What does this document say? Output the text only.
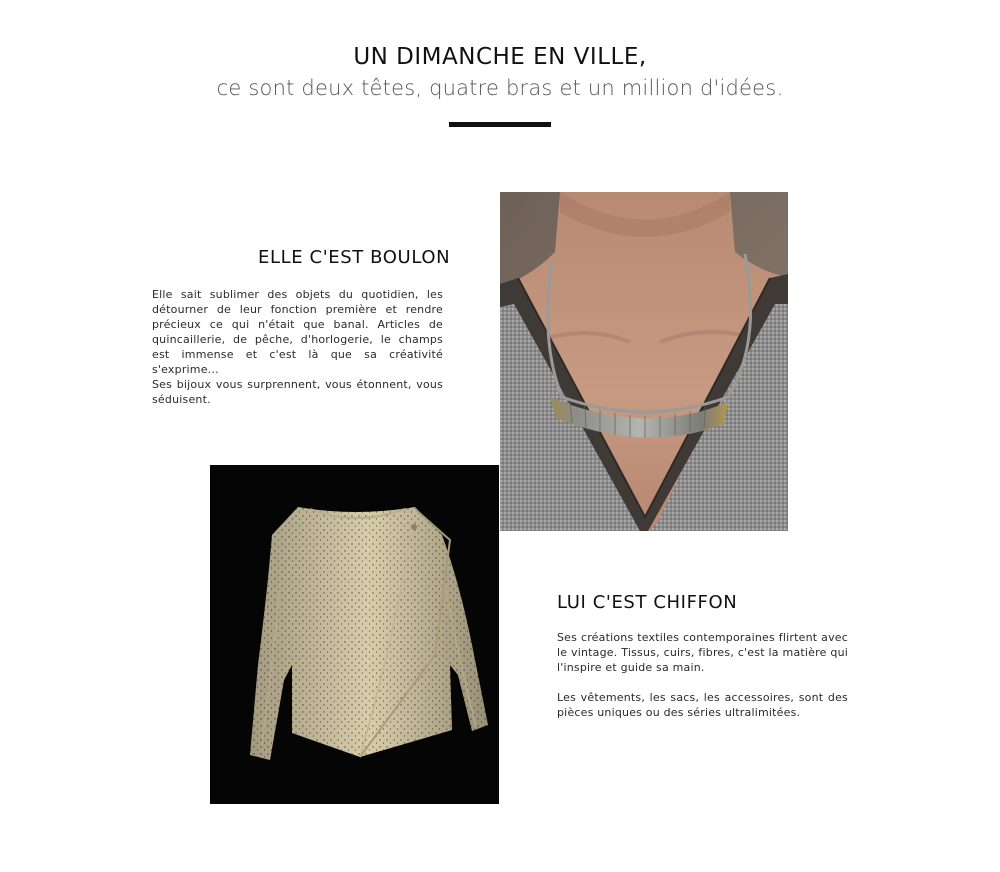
UN DIMANCHE EN VILLE,
ce sont deux têtes, quatre bras et un million d'idées.
ELLE C'EST BOULON

Elle sait sublimer des objets du quotidien, les détourner de leur fonction première et rendre précieux ce qui n'était que banal. Articles de quincaillerie, de pêche, d'horlogerie, le champs est immense et c'est là que sa créativité s'exprime...

Ses bijoux vous surprennent, vous étonnent, vous séduisent.

LUI C'EST CHIFFON

Ses créations textiles contemporaines flirtent avec le vintage. Tissus, cuirs, fibres, c'est la matière qui l'inspire et guide sa main.

Les vêtements, les sacs, les accessoires, sont des pièces uniques ou des séries ultralimitées.
